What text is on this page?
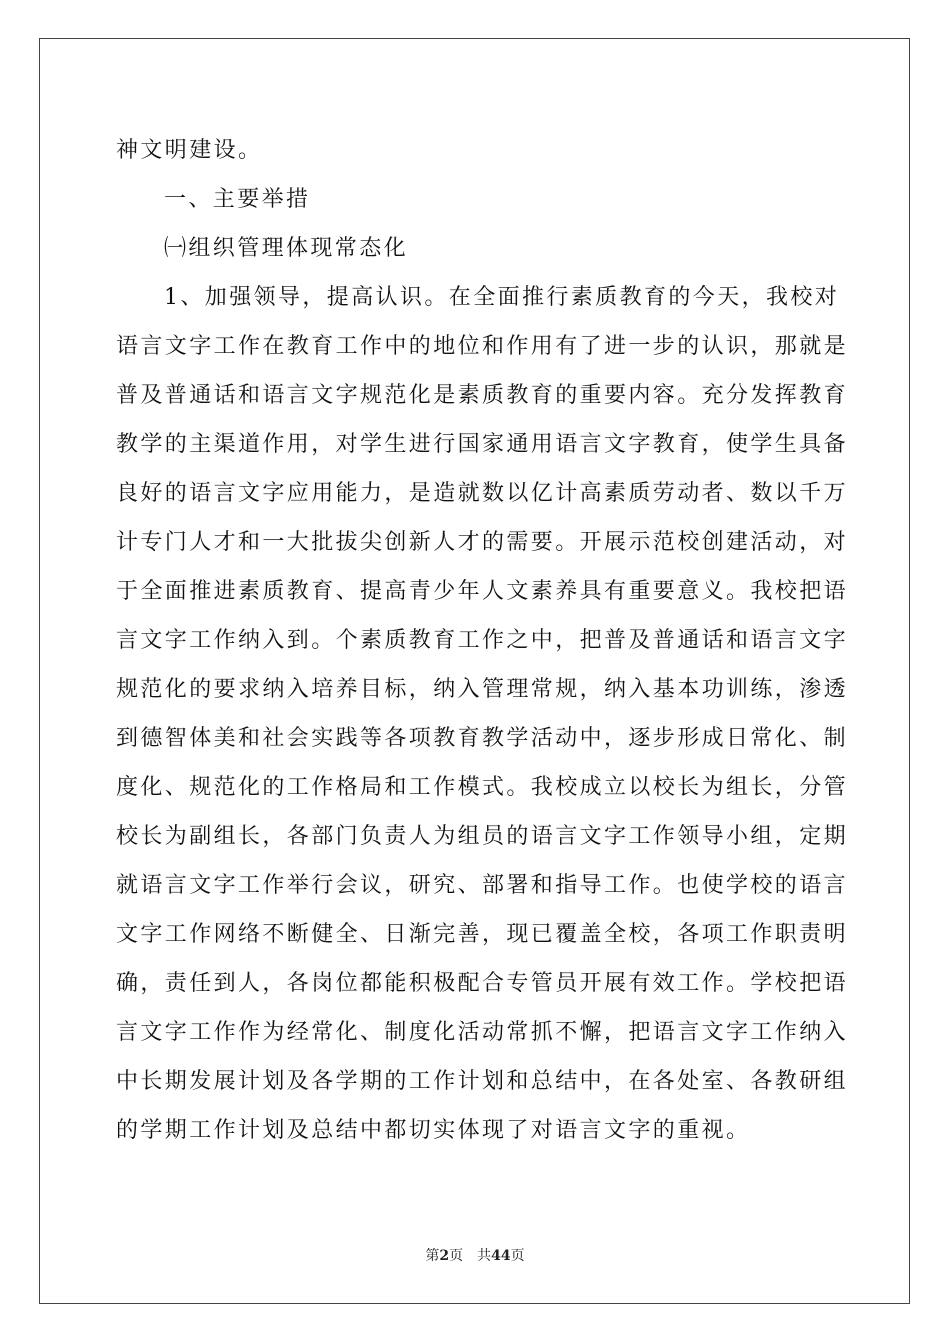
神文明建设。

一、主要举措

㈠组织管理体现常态化

1、加强领导，提高认识。在全面推行素质教育的今天，我校对

语言文字工作在教育工作中的地位和作用有了进一步的认识，那就是

普及普通话和语言文字规范化是素质教育的重要内容。充分发挥教育

教学的主渠道作用，对学生进行国家通用语言文字教育，使学生具备

良好的语言文字应用能力，是造就数以亿计高素质劳动者、数以千万

计专门人才和一大批拔尖创新人才的需要。开展示范校创建活动，对

于全面推进素质教育、提高青少年人文素养具有重要意义。我校把语

言文字工作纳入到。个素质教育工作之中，把普及普通话和语言文字

规范化的要求纳入培养目标，纳入管理常规，纳入基本功训练，渗透

到德智体美和社会实践等各项教育教学活动中，逐步形成日常化、制

度化、规范化的工作格局和工作模式。我校成立以校长为组长，分管

校长为副组长，各部门负责人为组员的语言文字工作领导小组，定期

就语言文字工作举行会议，研究、部署和指导工作。也使学校的语言

文字工作网络不断健全、日渐完善，现已覆盖全校，各项工作职责明

确，责任到人，各岗位都能积极配合专管员开展有效工作。学校把语

言文字工作作为经常化、制度化活动常抓不懈，把语言文字工作纳入

中长期发展计划及各学期的工作计划和总结中，在各处室、各教研组

的学期工作计划及总结中都切实体现了对语言文字的重视。

第2页 共44页
